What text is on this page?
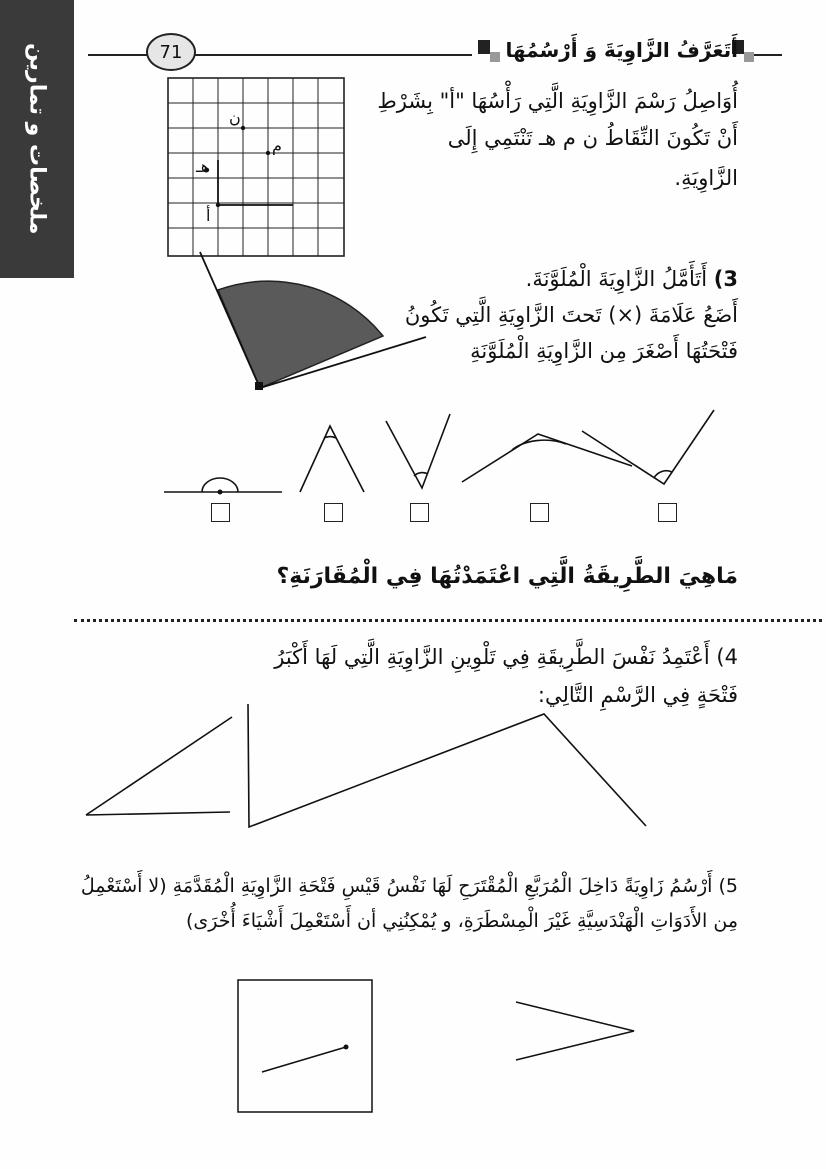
ملخصات و تمارين	71	أَتَعَرَّفُ الزَّاوِيَةَ وَ أَرْسُمُهَا
ن
م
هـ
أ
أُوَاصِلُ رَسْمَ الزَّاوِيَةِ الَّتِي رَأْسُهَا "أ" بِشَرْطِ
أَنْ تَكُونَ النِّقَاطُ ن م هـ تَنْتَمِي إِلَى
الزَّاوِيَةِ.
3) أَتَأَمَّلُ الزَّاوِيَةَ الْمُلَوَّنَةَ.
أَضَعُ عَلَامَةَ (×) تَحتَ الزَّاوِيَةِ الَّتِي تَكُونُ
فَتْحَتُهَا أَصْغَرَ مِن الزَّاوِيَةِ الْمُلَوَّنَةِ
مَاهِيَ الطَّرِيقَةُ الَّتِي اعْتَمَدْتُهَا فِي الْمُقَارَنَةِ؟
4) أَعْتَمِدُ نَفْسَ الطَّرِيقَةِ فِي تَلْوِينِ الزَّاوِيَةِ الَّتِي لَهَا أَكْبَرُ
فَتْحَةٍ فِي الرَّسْمِ التَّالِي:
5) أَرْسُمُ زَاوِيَةً دَاخِلَ الْمُرَبَّعِ الْمُقْتَرَحِ لَهَا نَفْسُ قَيْسِ فَتْحَةِ الزَّاوِيَةِ الْمُقَدَّمَةِ (لا أَسْتَعْمِلُ
مِن الأَدَوَاتِ الْهَنْدَسِيَّةِ غَيْرَ الْمِسْطَرَةِ، و يُمْكِنُنِي أن أَسْتَعْمِلَ أَشْيَاءَ أُخْرَى)
